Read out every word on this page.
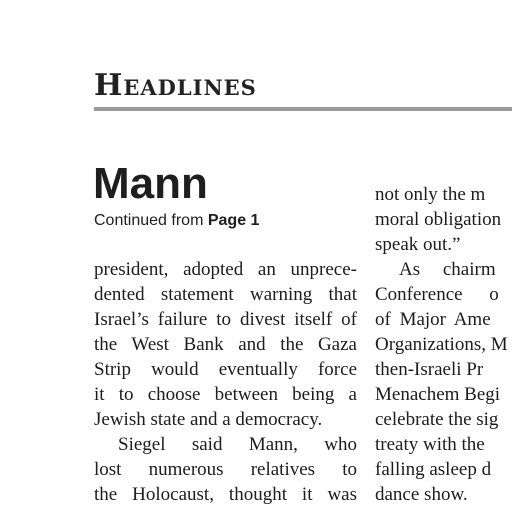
Headlines
Mann
Continued from Page 1
president, adopted an unprece-
dented statement warning that
Israel’s failure to divest itself of
the West Bank and the Gaza
Strip would eventually force
it to choose between being a
Jewish state and a democracy.
Siegel said Mann, who
lost numerous relatives to
the Holocaust, thought it was
not only the m
moral obligation
speak out.”
As chairm
Conference o
of Major Ame
Organizations, M
then-Israeli Pr
Menachem Begi
celebrate the sig
treaty with the
falling asleep d
dance show.
